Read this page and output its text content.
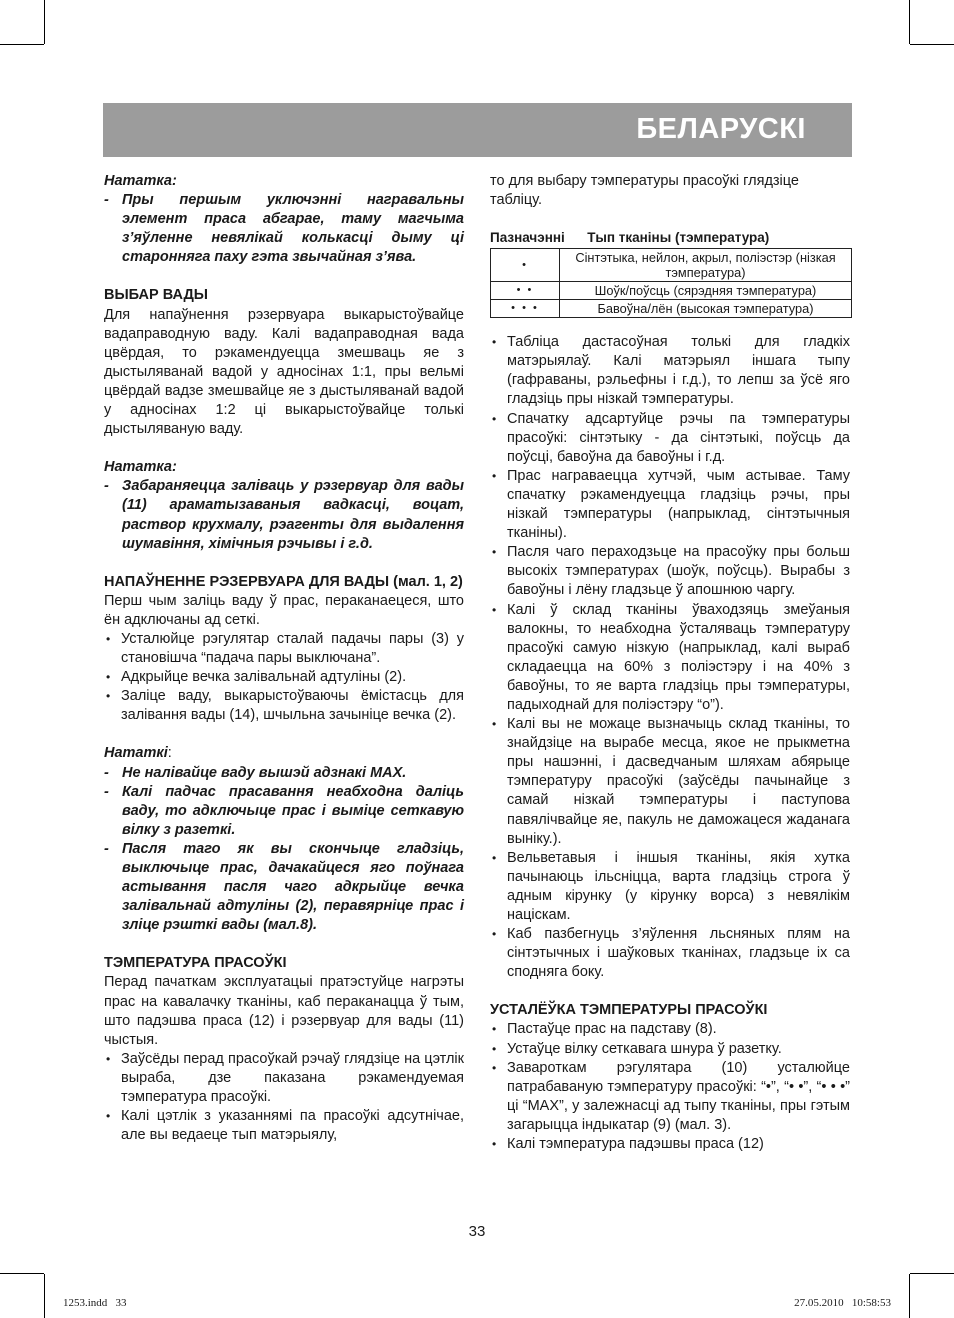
БЕЛАРУСКІ
Нататка:
- Пры першым уключэнні награвальны элемент праса абгарае, таму магчыма з’яўленне невялікай колькасці дыму ці старонняга паху гэта звычайная з’ява.
ВЫБАР ВАДЫ

Для напаўнення рэзервуара выкарыстоўвайце вадаправодную ваду. Калі вадаправодная вада цвёрдая, то рэкамендуецца змешваць яе з дыстыляванай вадой у адносінах 1:1, пры вельмі цвёрдай вадзе змешвайце яе з дыстыляванай вадой у адносінах 1:2 ці выкарыстоўвайце толькі дыстыляваную ваду.

Нататка:
- Забараняецца заліваць у рэзервуар для вады (11) араматызаваныя вадкасці, воцат, раствор крухмалу, рэагенты для выдалення шумавіння, хімічныя рэчывы і г.д.
НАПАЎНЕННЕ РЭЗЕРВУАРА ДЛЯ ВАДЫ (мал. 1, 2)

Перш чым заліць ваду ў прас, пераканаецеся, што ён адключаны ад сеткі.

• Усталюйце рэгулятар сталай падачы пары (3) у становішча “падача пары выключана”.
• Адкрыйце вечка залівальнай адтуліны (2).
• Заліце ваду, выкарыстоўваючы ёмістасць для залівання вады (14), шчыльна зачыніце вечка (2).
Нататкі:
- Не налівайце ваду вышэй адзнакі MAX.
- Калі падчас прасавання неабходна даліць ваду, то адключыце прас і выміце сеткавую вілку з разеткі.
- Пасля таго як вы скончыце гладзіць, выключыце прас, дачакайцеся яго поўнага астывання пасля чаго адкрыйце вечка залівальнай адтуліны (2), перавярніце прас і зліце рэшткі вады (мал.8).
ТЭМПЕРАТУРА ПРАСОЎКІ

Перад пачаткам эксплуатацыі пратэстуйце нагрэты прас на кавалачку тканіны, каб пераканацца ў тым, што падэшва праса (12) і рэзервуар для вады (11) чыстыя.

• Заўсёды перад прасоўкай рэчаў глядзіце на цэтлік выраба, дзе паказана рэкамендуемая тэмпература прасоўкі.
• Калі цэтлік з указаннямі па прасоўкі адсутнічае, але вы ведаеце тып матэрыялу,

то для выбару тэмпературы прасоўкі глядзіце табліцу.

Пазначэнні      Тып тканіны (тэмпература)
•	Сінтэтыка, нейлон, акрыл, поліэстэр (нізкая тэмпература)
• •	Шоўк/поўсць (сярэдняя тэмпература)
• • •	Бавоўна/лён (высокая тэмпература)
• Табліца дастасоўная толькі для гладкіх матэрыялаў. Калі матэрыял іншага тыпу (гафраваны, рэльефны і г.д.), то лепш за ўсё яго гладзіць пры нізкай тэмпературы.
• Спачатку адсартуйце рэчы па тэмпературы прасоўкі: сінтэтыку - да сінтэтыкі, поўсць да поўсці, бавоўна да бавоўны і г.д.
• Прас награваецца хутчэй, чым астывае. Таму спачатку рэкамендуецца гладзіць рэчы, пры нізкай тэмпературы (напрыклад, сінтэтычныя тканіны).
• Пасля чаго пераходзьце на прасоўку пры больш высокіх тэмпературах (шоўк, поўсць). Вырабы з бавоўны і лёну гладзьце ў апошнюю чаргу.
• Калі ў склад тканіны ўваходзяць змеўаныя валокны, то неабходна ўсталяваць тэмпературу прасоўкі самую нізкую (напрыклад, калі выраб складаецца на 60% з поліэстэру і на 40% з бавоўны, то яе варта гладзіць пры тэмпературы, падыходнай для поліэстэру “о”).
• Калі вы не можаце вызначыць склад тканіны, то знайдзіце на вырабе месца, якое не прыкметна пры нашэнні, і дасведчаным шляхам абярыце тэмпературу прасоўкі (заўсёды пачынайце з самай нізкай тэмпературы і паступова павялічвайце яе, пакуль не даможацеся жаданага выніку.).
• Вельветавыя і іншыя тканіны, якія хутка пачынаюць ільсніцца, варта гладзіць строга ў адным кірунку (у кірунку ворса) з невялікім націскам.
• Каб пазбегнуць з’яўлення льсняных плям на сінтэтычных і шаўковых тканінах, гладзьце іх са споднягa боку.
УСТАЛЁЎКА ТЭМПЕРАТУРЫ ПРАСОЎКІ
• Пастаўце прас на падставу (8).
• Устаўце вілку сеткавага шнура ў разетку.
• Завароткам рэгулятара (10) усталюйце патрабаваную тэмпературу прасоўкі: “•”, “• •”, “• • •” ці “MAX”, у залежнасці ад тыпу тканіны, пры гэтым загарыцца індыкатар (9) (мал. 3).
• Калі тэмпература падэшвы праса (12)
33
1253.indd   33	27.05.2010   10:58:53
